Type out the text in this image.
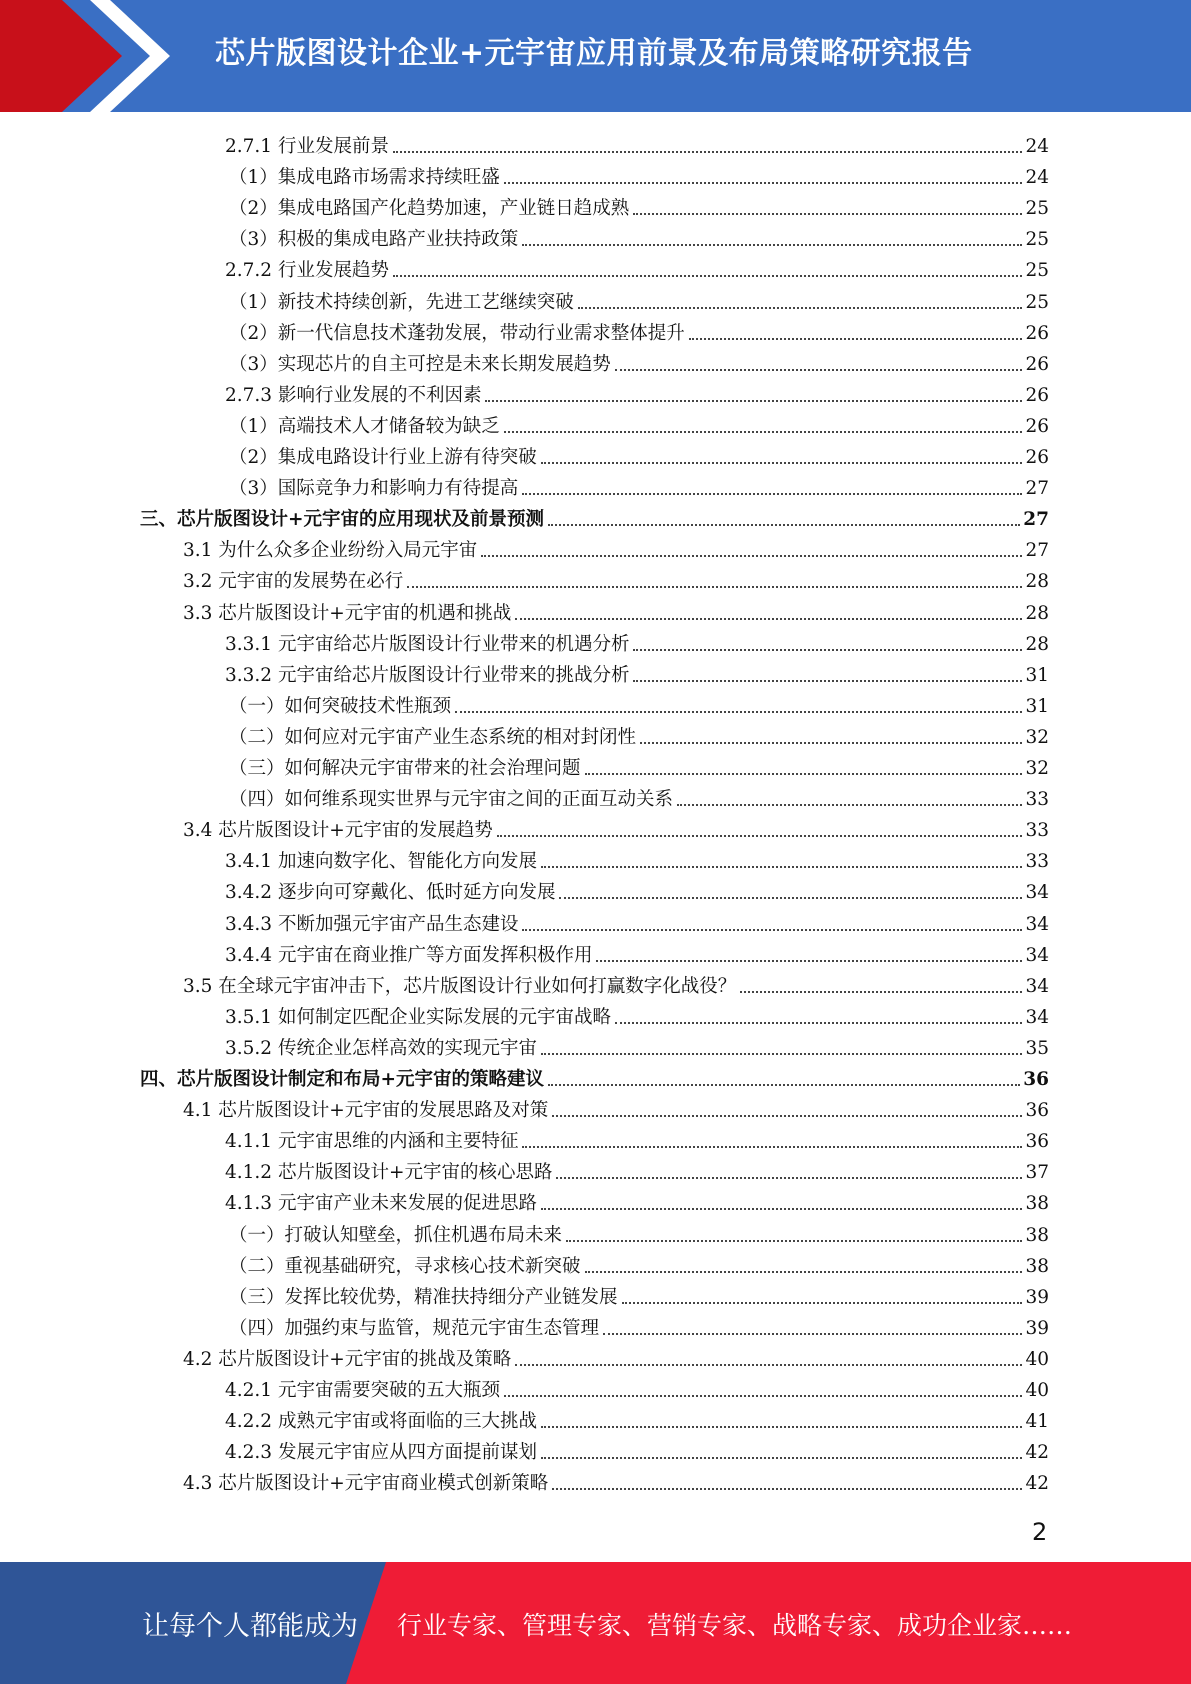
芯片版图设计企业+元宇宙应用前景及布局策略研究报告
2.7.1 行业发展前景	24
（1）集成电路市场需求持续旺盛	24
（2）集成电路国产化趋势加速，产业链日趋成熟	25
（3）积极的集成电路产业扶持政策	25
2.7.2 行业发展趋势	25
（1）新技术持续创新，先进工艺继续突破	25
（2）新一代信息技术蓬勃发展，带动行业需求整体提升	26
（3）实现芯片的自主可控是未来长期发展趋势	26
2.7.3 影响行业发展的不利因素	26
（1）高端技术人才储备较为缺乏	26
（2）集成电路设计行业上游有待突破	26
（3）国际竞争力和影响力有待提高	27
三、芯片版图设计+元宇宙的应用现状及前景预测	27
3.1 为什么众多企业纷纷入局元宇宙	27
3.2 元宇宙的发展势在必行	28
3.3 芯片版图设计+元宇宙的机遇和挑战	28
3.3.1 元宇宙给芯片版图设计行业带来的机遇分析	28
3.3.2 元宇宙给芯片版图设计行业带来的挑战分析	31
（一）如何突破技术性瓶颈	31
（二）如何应对元宇宙产业生态系统的相对封闭性	32
（三）如何解决元宇宙带来的社会治理问题	32
（四）如何维系现实世界与元宇宙之间的正面互动关系	33
3.4 芯片版图设计+元宇宙的发展趋势	33
3.4.1 加速向数字化、智能化方向发展	33
3.4.2 逐步向可穿戴化、低时延方向发展	34
3.4.3 不断加强元宇宙产品生态建设	34
3.4.4 元宇宙在商业推广等方面发挥积极作用	34
3.5 在全球元宇宙冲击下，芯片版图设计行业如何打赢数字化战役？	34
3.5.1 如何制定匹配企业实际发展的元宇宙战略	34
3.5.2 传统企业怎样高效的实现元宇宙	35
四、芯片版图设计制定和布局+元宇宙的策略建议	36
4.1 芯片版图设计+元宇宙的发展思路及对策	36
4.1.1 元宇宙思维的内涵和主要特征	36
4.1.2 芯片版图设计+元宇宙的核心思路	37
4.1.3 元宇宙产业未来发展的促进思路	38
（一）打破认知壁垒，抓住机遇布局未来	38
（二）重视基础研究，寻求核心技术新突破	38
（三）发挥比较优势，精准扶持细分产业链发展	39
（四）加强约束与监管，规范元宇宙生态管理	39
4.2 芯片版图设计+元宇宙的挑战及策略	40
4.2.1 元宇宙需要突破的五大瓶颈	40
4.2.2 成熟元宇宙或将面临的三大挑战	41
4.2.3 发展元宇宙应从四方面提前谋划	42
4.3 芯片版图设计+元宇宙商业模式创新策略	42
2
让每个人都能成为 行业专家、管理专家、营销专家、战略专家、成功企业家……
